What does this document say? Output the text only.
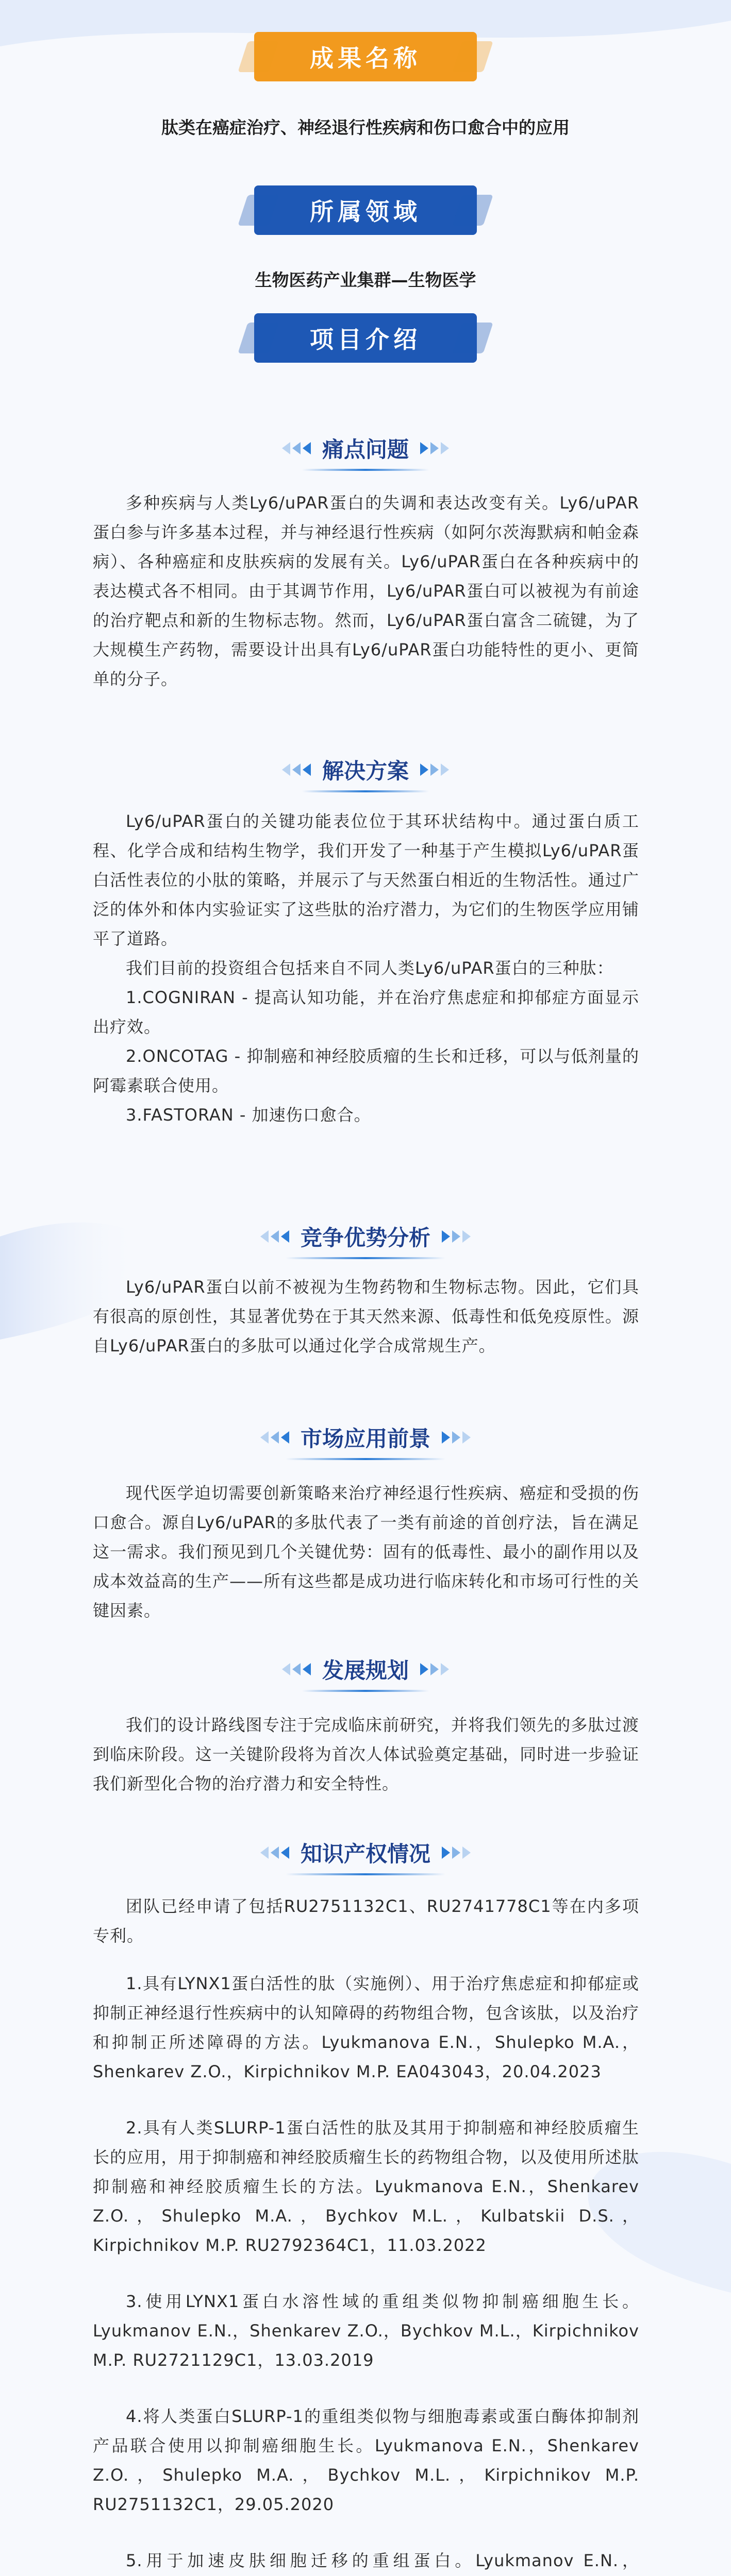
成果名称
肽类在癌症治疗、神经退行性疾病和伤口愈合中的应用
所属领域
生物医药产业集群—生物医学
项目介绍
痛点问题

多种疾病与人类Ly6/uPAR蛋白的失调和表达改变有关。Ly6/uPAR蛋白参与许多基本过程，并与神经退行性疾病（如阿尔茨海默病和帕金森病）、各种癌症和皮肤疾病的发展有关。Ly6/uPAR蛋白在各种疾病中的表达模式各不相同。由于其调节作用，Ly6/uPAR蛋白可以被视为有前途的治疗靶点和新的生物标志物。然而，Ly6/uPAR蛋白富含二硫键，为了大规模生产药物，需要设计出具有Ly6/uPAR蛋白功能特性的更小、更简单的分子。

解决方案

Ly6/uPAR蛋白的关键功能表位位于其环状结构中。通过蛋白质工程、化学合成和结构生物学，我们开发了一种基于产生模拟Ly6/uPAR蛋白活性表位的小肽的策略，并展示了与天然蛋白相近的生物活性。通过广泛的体外和体内实验证实了这些肽的治疗潜力，为它们的生物医学应用铺平了道路。

我们目前的投资组合包括来自不同人类Ly6/uPAR蛋白的三种肽：

1.COGNIRAN - 提高认知功能，并在治疗焦虑症和抑郁症方面显示出疗效。

2.ONCOTAG - 抑制癌和神经胶质瘤的生长和迁移，可以与低剂量的阿霉素联合使用。

3.FASTORAN - 加速伤口愈合。

竞争优势分析

Ly6/uPAR蛋白以前不被视为生物药物和生物标志物。因此，它们具有很高的原创性，其显著优势在于其天然来源、低毒性和低免疫原性。源自Ly6/uPAR蛋白的多肽可以通过化学合成常规生产。

市场应用前景

现代医学迫切需要创新策略来治疗神经退行性疾病、癌症和受损的伤口愈合。源自Ly6/uPAR的多肽代表了一类有前途的首创疗法，旨在满足这一需求。我们预见到几个关键优势：固有的低毒性、最小的副作用以及成本效益高的生产——所有这些都是成功进行临床转化和市场可行性的关键因素。

发展规划

我们的设计路线图专注于完成临床前研究，并将我们领先的多肽过渡到临床阶段。这一关键阶段将为首次人体试验奠定基础，同时进一步验证我们新型化合物的治疗潜力和安全特性。

知识产权情况

团队已经申请了包括RU2751132C1、RU2741778C1等在内多项专利。

1.具有LYNX1蛋白活性的肽（实施例）、用于治疗焦虑症和抑郁症或抑制正神经退行性疾病中的认知障碍的药物组合物，包含该肽，以及治疗和抑制正所述障碍的方法。Lyukmanova E.N.，Shulepko M.A.，Shenkarev Z.O.，Kirpichnikov M.P. EA043043，20.04.2023

2.具有人类SLURP-1蛋白活性的肽及其用于抑制癌和神经胶质瘤生长的应用，用于抑制癌和神经胶质瘤生长的药物组合物，以及使用所述肽抑制癌和神经胶质瘤生长的方法。Lyukmanova E.N.，Shenkarev Z.O.，Shulepko M.A.，Bychkov M.L.，Kulbatskii D.S.，Kirpichnikov M.P. RU2792364C1，11.03.2022

3.使用LYNX1蛋白水溶性域的重组类似物抑制癌细胞生长。Lyukmanov E.N.，Shenkarev Z.O.，Bychkov M.L.，Kirpichnikov M.P. RU2721129C1，13.03.2019

4.将人类蛋白SLURP-1的重组类似物与细胞毒素或蛋白酶体抑制剂产品联合使用以抑制癌细胞生长。Lyukmanova E.N.，Shenkarev Z.O.，Shulepko M.A.，Bychkov M.L.，Kirpichnikov M.P. RU2751132C1，29.05.2020

5.用于加速皮肤细胞迁移的重组蛋白。Lyukmanov E.N.，
